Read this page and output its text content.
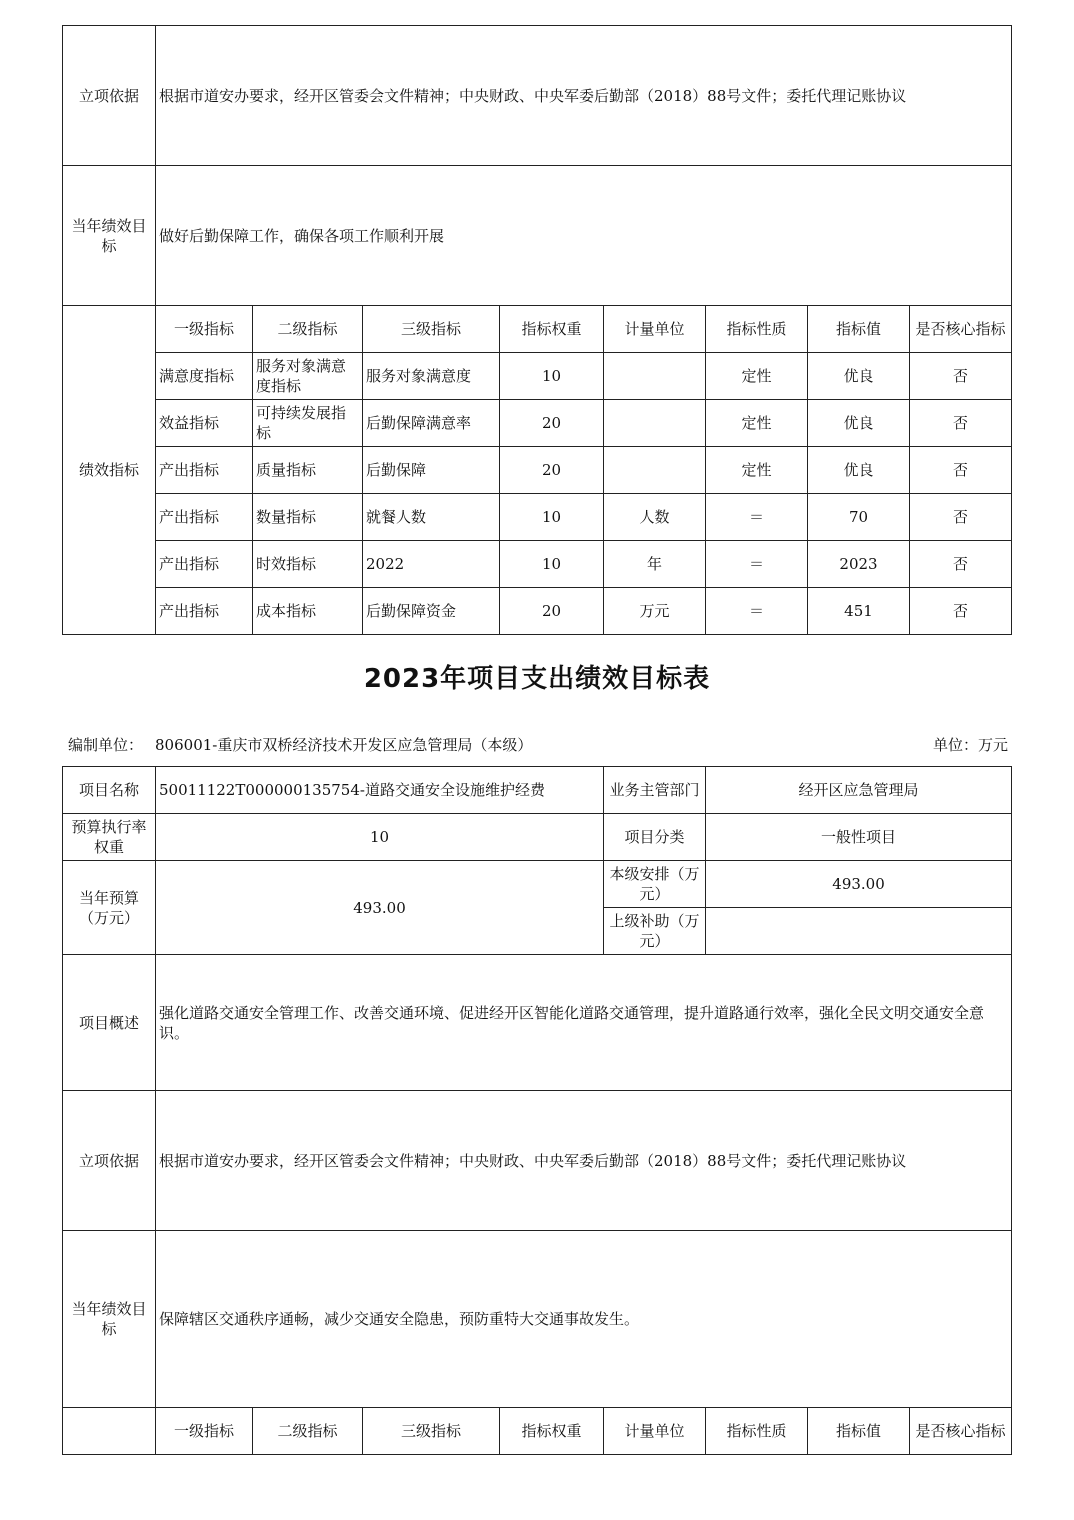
立项依据	根据市道安办要求，经开区管委会文件精神；中央财政、中央军委后勤部（2018）88号文件；委托代理记账协议							
当年绩效目标	做好后勤保障工作，确保各项工作顺利开展							
绩效指标	一级指标	二级指标	三级指标	指标权重	计量单位	指标性质	指标值	是否核心指标
	满意度指标	服务对象满意度指标	服务对象满意度	10		定性	优良	否
	效益指标	可持续发展指标	后勤保障满意率	20		定性	优良	否
	产出指标	质量指标	后勤保障	20		定性	优良	否
	产出指标	数量指标	就餐人数	10	人数	＝	70	否
	产出指标	时效指标	2022	10	年	＝	2023	否
	产出指标	成本指标	后勤保障资金	20	万元	＝	451	否
2023年项目支出绩效目标表
编制单位： 806001-重庆市双桥经济技术开发区应急管理局（本级）	单位：万元
项目名称	50011122T000000135754-道路交通安全设施维护经费				业务主管部门	经开区应急管理局		
预算执行率权重	10				项目分类	一般性项目		
当年预算（万元）	493.00				本级安排（万元）	493.00		
					上级补助（万元）			
项目概述	强化道路交通安全管理工作、改善交通环境、促进经开区智能化道路交通管理，提升道路通行效率，强化全民文明交通安全意识。							
立项依据	根据市道安办要求，经开区管委会文件精神；中央财政、中央军委后勤部（2018）88号文件；委托代理记账协议							
当年绩效目标	保障辖区交通秩序通畅，减少交通安全隐患，预防重特大交通事故发生。							
	一级指标	二级指标	三级指标	指标权重	计量单位	指标性质	指标值	是否核心指标
